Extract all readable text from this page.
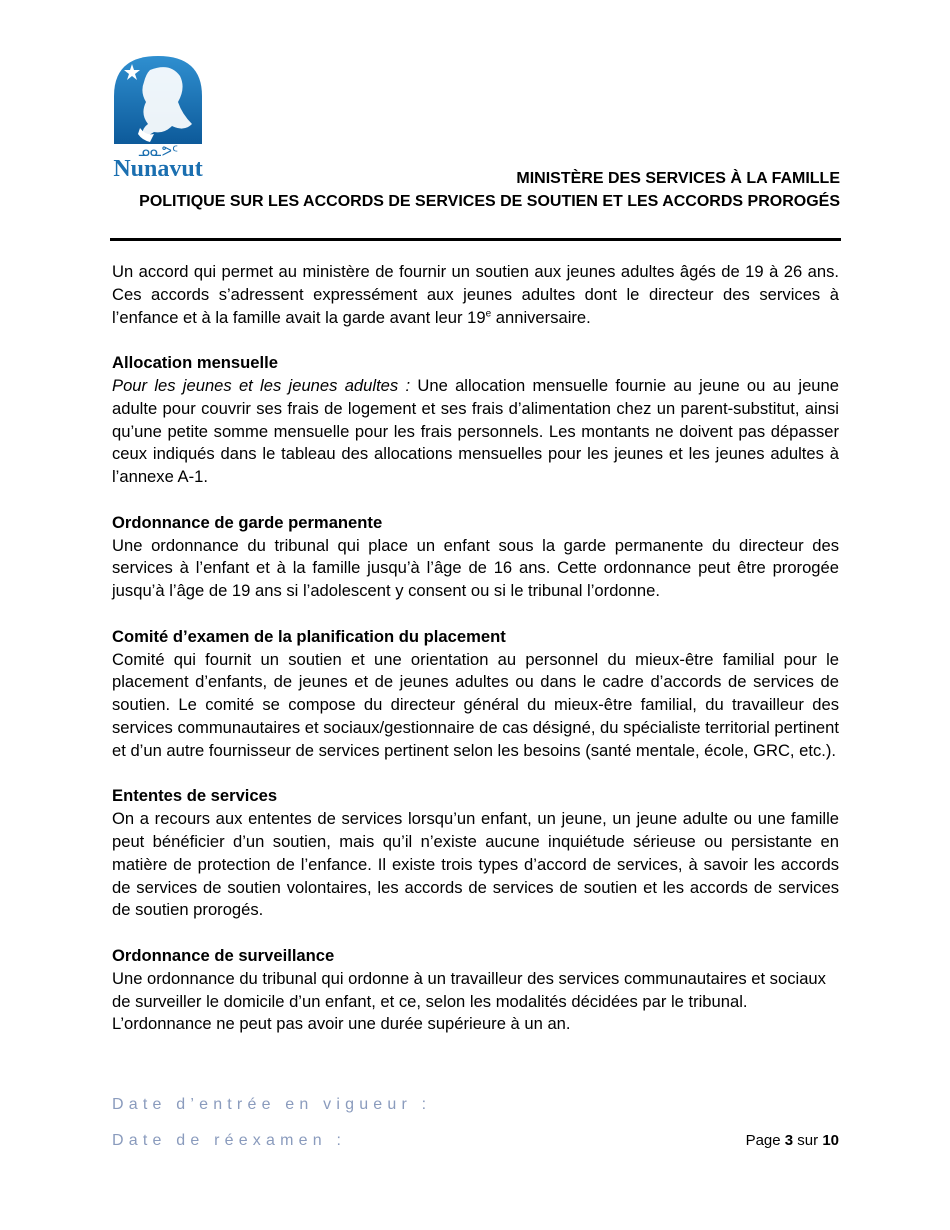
ᓄᓇᕗᑦ
Nunavut	MINISTÈRE DES SERVICES À LA FAMILLE
POLITIQUE SUR LES ACCORDS DE SERVICES DE SOUTIEN ET LES ACCORDS PROROGÉS

Un accord qui permet au ministère de fournir un soutien aux jeunes adultes âgés de 19 à 26 ans. Ces accords s’adressent expressément aux jeunes adultes dont le directeur des services à l’enfance et à la famille avait la garde avant leur 19e anniversaire.

Allocation mensuelle
Pour les jeunes et les jeunes adultes : Une allocation mensuelle fournie au jeune ou au jeune adulte pour couvrir ses frais de logement et ses frais d’alimentation chez un parent-substitut, ainsi qu’une petite somme mensuelle pour les frais personnels. Les montants ne doivent pas dépasser ceux indiqués dans le tableau des allocations mensuelles pour les jeunes et les jeunes adultes à l’annexe A-1.

Ordonnance de garde permanente
Une ordonnance du tribunal qui place un enfant sous la garde permanente du directeur des services à l’enfant et à la famille jusqu’à l’âge de 16 ans. Cette ordonnance peut être prorogée jusqu’à l’âge de 19 ans si l’adolescent y consent ou si le tribunal l’ordonne.

Comité d’examen de la planification du placement
Comité qui fournit un soutien et une orientation au personnel du mieux-être familial pour le placement d’enfants, de jeunes et de jeunes adultes ou dans le cadre d’accords de services de soutien. Le comité se compose du directeur général du mieux-être familial, du travailleur des services communautaires et sociaux/gestionnaire de cas désigné, du spécialiste territorial pertinent et d’un autre fournisseur de services pertinent selon les besoins (santé mentale, école, GRC, etc.).

Ententes de services
On a recours aux ententes de services lorsqu’un enfant, un jeune, un jeune adulte ou une famille peut bénéficier d’un soutien, mais qu’il n’existe aucune inquiétude sérieuse ou persistante en matière de protection de l’enfance. Il existe trois types d’accord de services, à savoir les accords de services de soutien volontaires, les accords de services de soutien et les accords de services de soutien prorogés.

Ordonnance de surveillance
Une ordonnance du tribunal qui ordonne à un travailleur des services communautaires et sociaux de surveiller le domicile d’un enfant, et ce, selon les modalités décidées par le tribunal. L’ordonnance ne peut pas avoir une durée supérieure à un an.

Date d’entrée en vigueur :
Date de réexamen :	Page 3 sur 10
